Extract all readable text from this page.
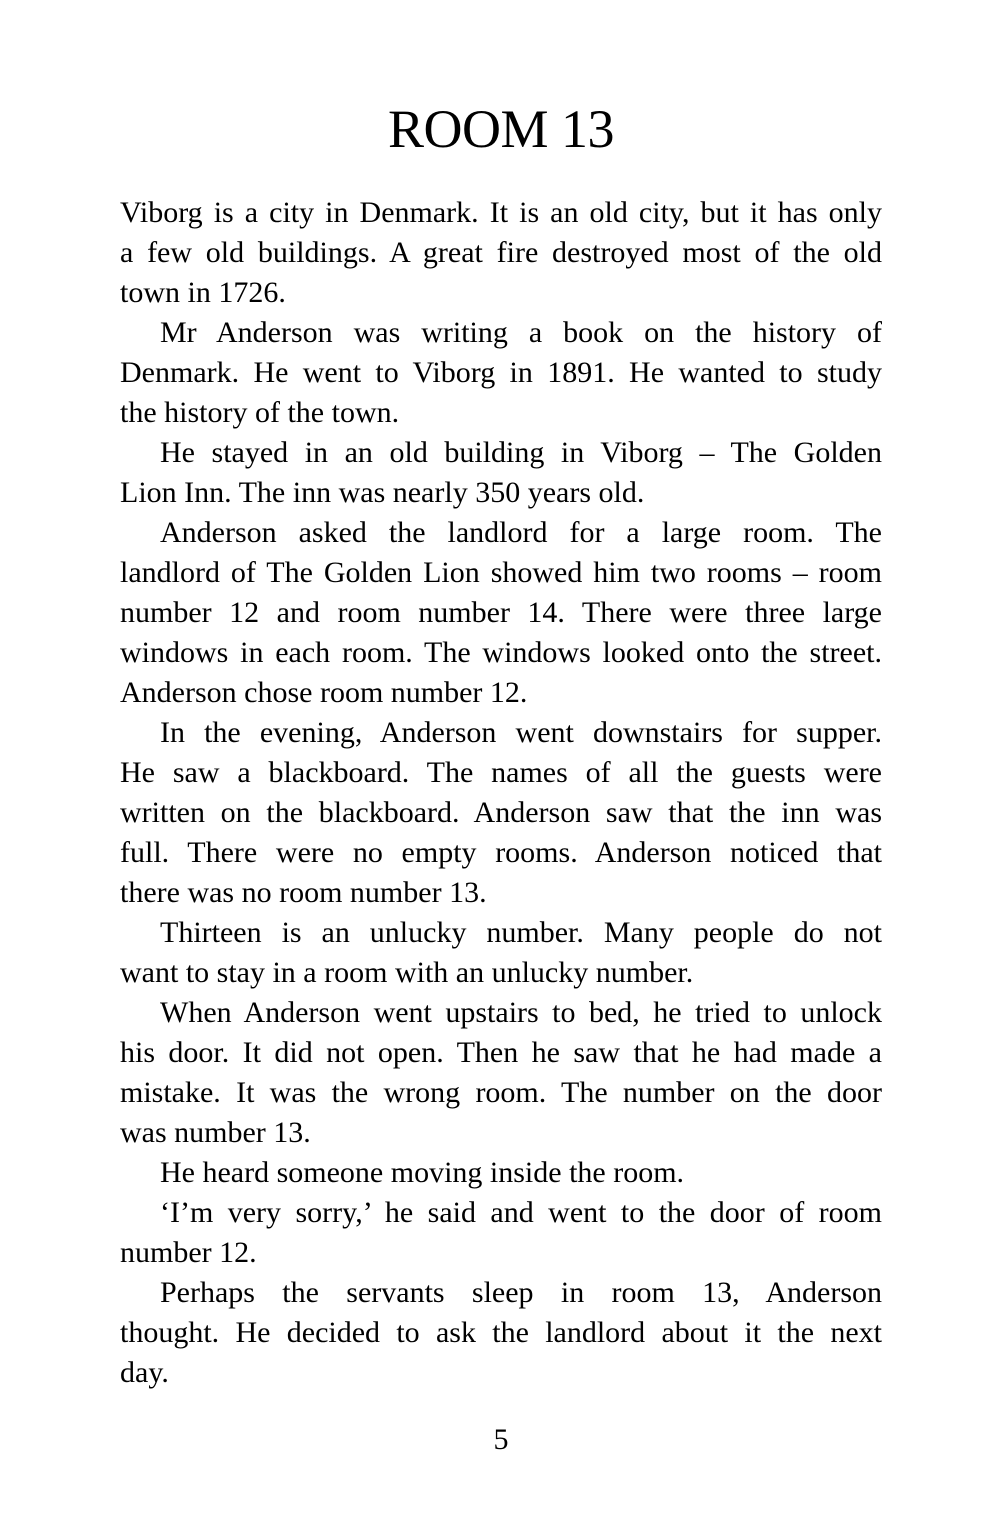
ROOM 13

Viborg is a city in Denmark. It is an old city, but it has only
a few old buildings. A great fire destroyed most of the old
town in 1726.

Mr Anderson was writing a book on the history of
Denmark. He went to Viborg in 1891. He wanted to study
the history of the town.

He stayed in an old building in Viborg – The Golden
Lion Inn. The inn was nearly 350 years old.

Anderson asked the landlord for a large room. The
landlord of The Golden Lion showed him two rooms – room
number 12 and room number 14. There were three large
windows in each room. The windows looked onto the street.
Anderson chose room number 12.

In the evening, Anderson went downstairs for supper.
He saw a blackboard. The names of all the guests were
written on the blackboard. Anderson saw that the inn was
full. There were no empty rooms. Anderson noticed that
there was no room number 13.

Thirteen is an unlucky number. Many people do not
want to stay in a room with an unlucky number.

When Anderson went upstairs to bed, he tried to unlock
his door. It did not open. Then he saw that he had made a
mistake. It was the wrong room. The number on the door
was number 13.

He heard someone moving inside the room.

‘I’m very sorry,’ he said and went to the door of room
number 12.

Perhaps the servants sleep in room 13, Anderson
thought. He decided to ask the landlord about it the next
day.

5
